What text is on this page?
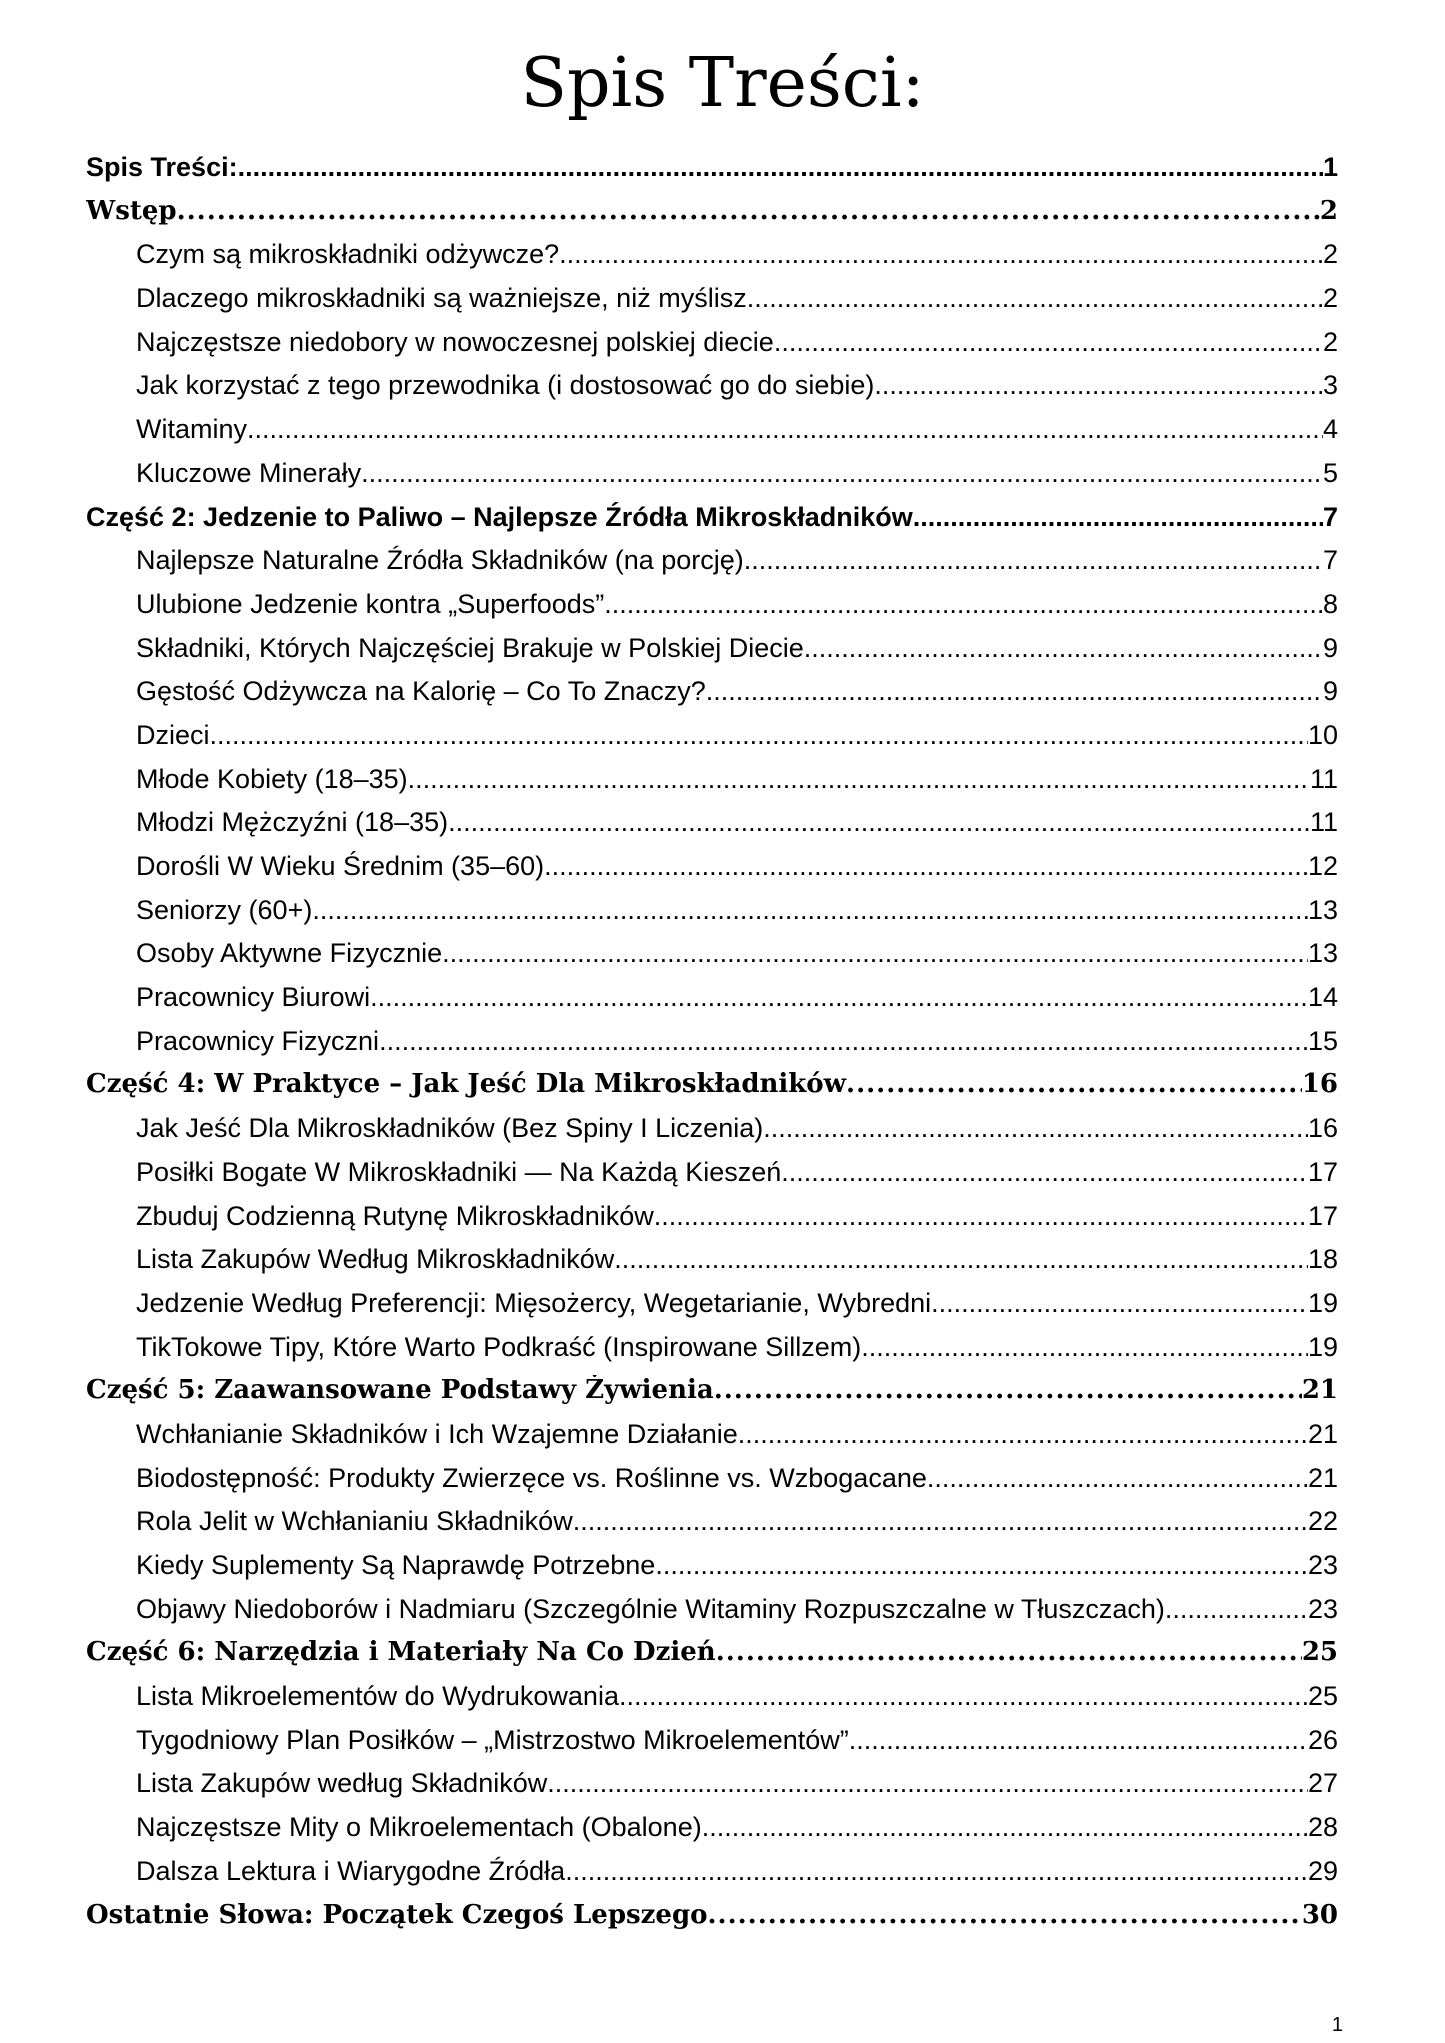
Spis Treści:
Spis Treści: .....	1
Wstęp .....	2
Czym są mikroskładniki odżywcze? .....	2
Dlaczego mikroskładniki są ważniejsze, niż myślisz .....	2
Najczęstsze niedobory w nowoczesnej polskiej diecie .....	2
Jak korzystać z tego przewodnika (i dostosować go do siebie) .....	3
Witaminy .....	4
Kluczowe Minerały .....	5
Część 2: Jedzenie to Paliwo – Najlepsze Źródła Mikroskładników .....	7
Najlepsze Naturalne Źródła Składników (na porcję) .....	7
Ulubione Jedzenie kontra „Superfoods” .....	8
Składniki, Których Najczęściej Brakuje w Polskiej Diecie .....	9
Gęstość Odżywcza na Kalorię – Co To Znaczy? .....	9
Dzieci .....	10
Młode Kobiety (18–35) .....	11
Młodzi Mężczyźni (18–35) .....	11
Dorośli W Wieku Średnim (35–60) .....	12
Seniorzy (60+) .....	13
Osoby Aktywne Fizycznie .....	13
Pracownicy Biurowi .....	14
Pracownicy Fizyczni .....	15
Część 4: W Praktyce – Jak Jeść Dla Mikroskładników .....	16
Jak Jeść Dla Mikroskładników (Bez Spiny I Liczenia) .....	16
Posiłki Bogate W Mikroskładniki — Na Każdą Kieszeń .....	17
Zbuduj Codzienną Rutynę Mikroskładników .....	17
Lista Zakupów Według Mikroskładników .....	18
Jedzenie Według Preferencji: Mięsożercy, Wegetarianie, Wybredni .....	19
TikTokowe Tipy, Które Warto Podkraść (Inspirowane Sillzem) .....	19
Część 5: Zaawansowane Podstawy Żywienia .....	21
Wchłanianie Składników i Ich Wzajemne Działanie .....	21
Biodostępność: Produkty Zwierzęce vs. Roślinne vs. Wzbogacane .....	21
Rola Jelit w Wchłanianiu Składników .....	22
Kiedy Suplementy Są Naprawdę Potrzebne .....	23
Objawy Niedoborów i Nadmiaru (Szczególnie Witaminy Rozpuszczalne w Tłuszczach) .....	23
Część 6: Narzędzia i Materiały Na Co Dzień .....	25
Lista Mikroelementów do Wydrukowania .....	25
Tygodniowy Plan Posiłków – „Mistrzostwo Mikroelementów” .....	26
Lista Zakupów według Składników .....	27
Najczęstsze Mity o Mikroelementach (Obalone) .....	28
Dalsza Lektura i Wiarygodne Źródła .....	29
Ostatnie Słowa: Początek Czegoś Lepszego .....	30
1
